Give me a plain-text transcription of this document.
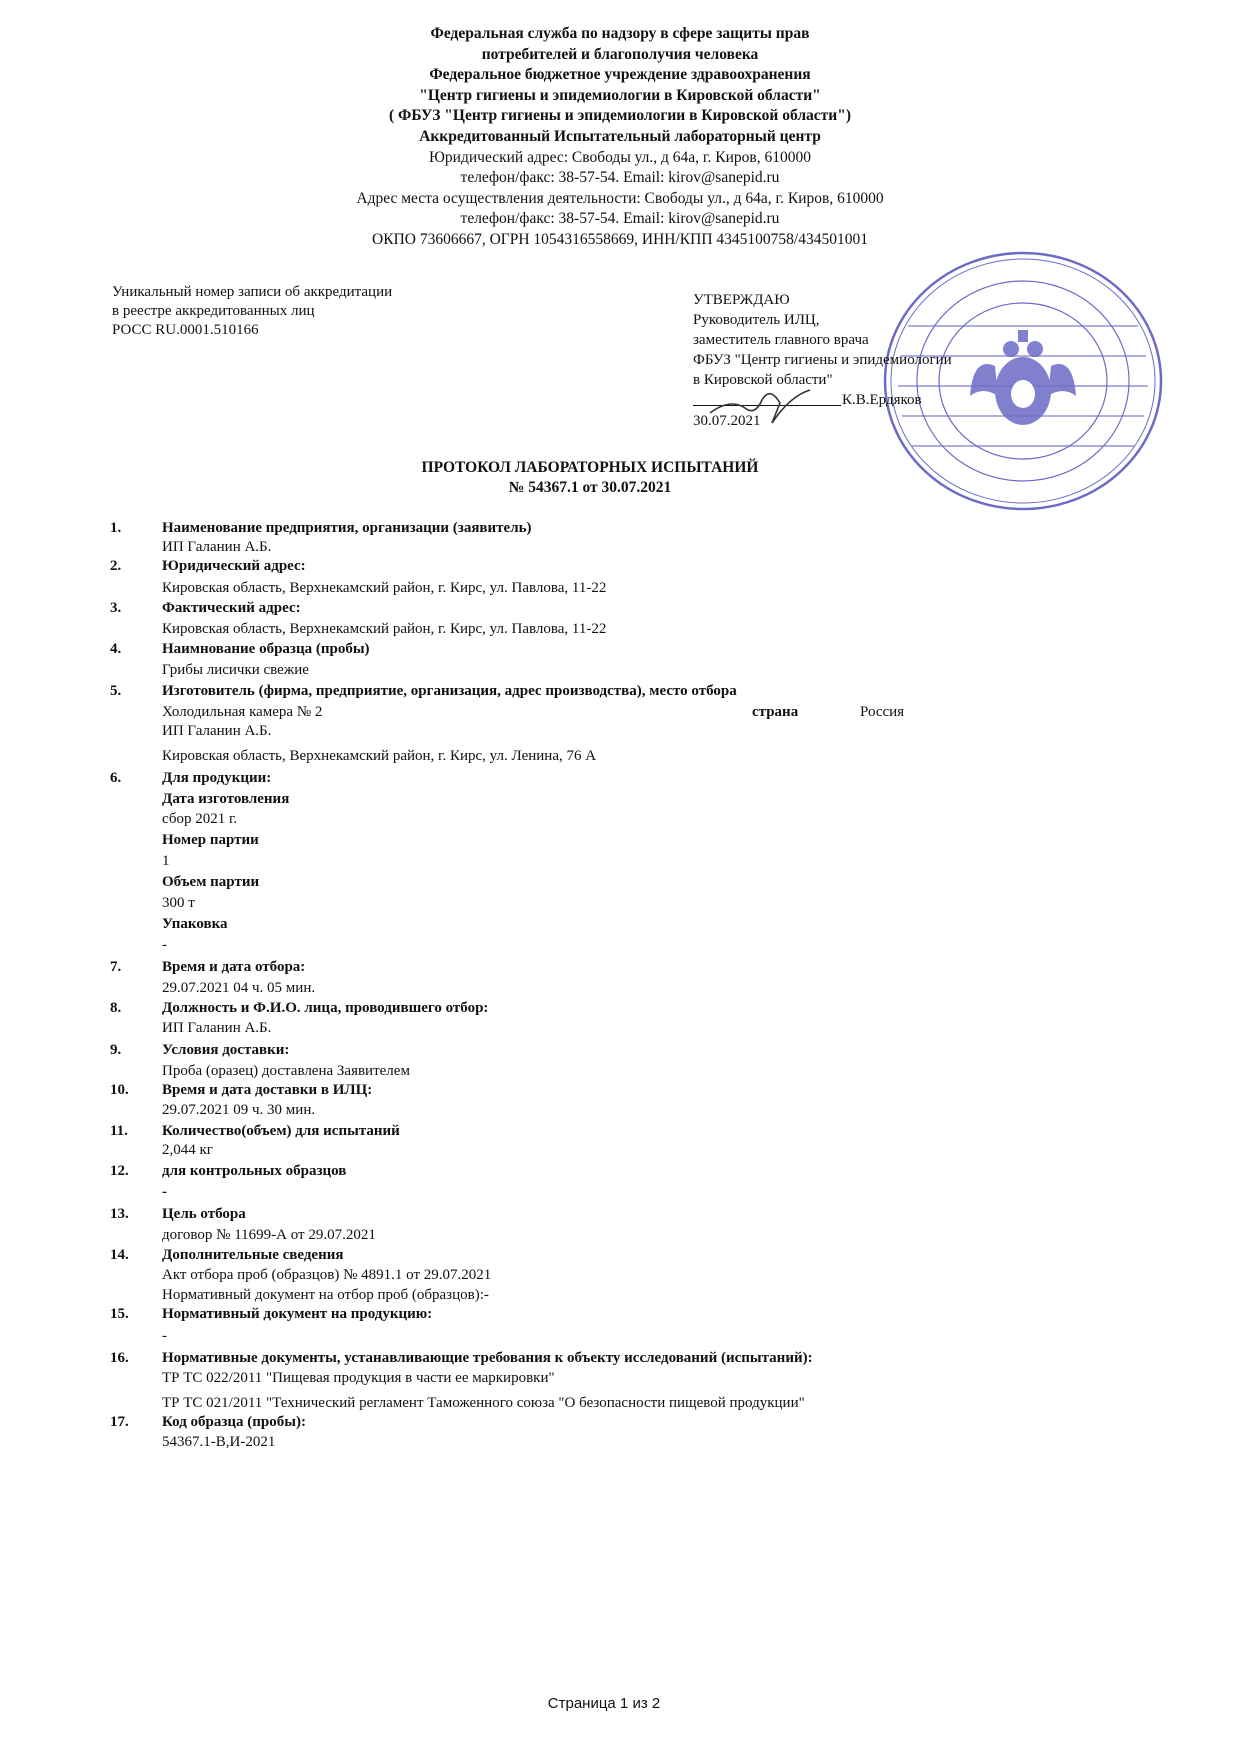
Федеральная служба по надзору в сфере защиты прав
потребителей и благополучия человека
Федеральное бюджетное учреждение здравоохранения
"Центр гигиены и эпидемиологии в Кировской области"
( ФБУЗ "Центр гигиены и эпидемиологии в Кировской области")
Аккредитованный Испытательный лабораторный центр
Юридический адрес: Свободы ул., д 64а, г. Киров, 610000
телефон/факс: 38-57-54. Email: kirov@sanepid.ru
Адрес места осуществления деятельности: Свободы ул., д 64а, г. Киров, 610000
телефон/факс: 38-57-54. Email: kirov@sanepid.ru
ОКПО 73606667, ОГРН 1054316558669, ИНН/КПП 4345100758/434501001
Уникальный номер записи об аккредитации
в реестре аккредитованных лиц
РОСС RU.0001.510166
УТВЕРЖДАЮ
Руководитель ИЛЦ,
заместитель главного врача
ФБУЗ "Центр гигиены и эпидемиологии
в Кировской области"
К.В.Ердяков
30.07.2021
ПРОТОКОЛ ЛАБОРАТОРНЫХ ИСПЫТАНИЙ
№ 54367.1 от 30.07.2021
1.	Наименование предприятия, организации (заявитель)
ИП Галанин А.Б.
2.	Юридический адрес:
Кировская область, Верхнекамский район, г. Кирс, ул. Павлова, 11-22
3.	Фактический адрес:
Кировская область, Верхнекамский район, г. Кирс, ул. Павлова, 11-22
4.	Наимнование образца (пробы)
Грибы лисички свежие
5.	Изготовитель (фирма, предприятие, организация, адрес производства), место отбора
Холодильная камера № 2	страна	Россия
ИП Галанин А.Б.
Кировская область, Верхнекамский район, г. Кирс, ул. Ленина, 76 А
6.	Для продукции:
Дата изготовления
сбор 2021 г.
Номер партии
1
Объем партии
300 т
Упаковка
-
7.	Время и дата отбора:
29.07.2021 04 ч. 05 мин.
8.	Должность и Ф.И.О. лица, проводившего отбор:
ИП Галанин А.Б.
9.	Условия доставки:
Проба (оразец) доставлена Заявителем
10. Время и дата доставки в ИЛЦ:
29.07.2021 09 ч. 30 мин.
11. Количество(объем) для испытаний
2,044 кг
12. для контрольных образцов
-
13. Цель отбора
договор № 11699-А от 29.07.2021
14. Дополнительные сведения
Акт отбора проб (образцов) № 4891.1 от 29.07.2021
Нормативный документ на отбор проб (образцов):-
15. Нормативный документ на продукцию:
-
16. Нормативные документы, устанавливающие требования к объекту исследований (испытаний):
ТР ТС 022/2011 "Пищевая продукция в части ее маркировки"
ТР ТС 021/2011 "Технический регламент Таможенного союза "О безопасности пищевой продукции"
17. Код образца (пробы):
54367.1-В,И-2021
Страница 1 из 2
